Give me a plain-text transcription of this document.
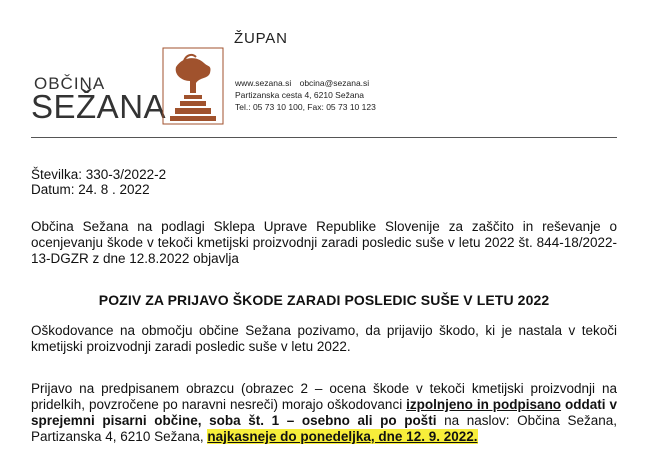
ŽUPAN
OBČINA
SEŽANA
www.sezana.si obcina@sezana.si
Partizanska cesta 4, 6210 Sežana
Tel.: 05 73 10 100, Fax: 05 73 10 123
Številka: 330-3/2022-2
Datum: 24. 8 . 2022
Občina Sežana na podlagi Sklepa Uprave Republike Slovenije za zaščito in reševanje o ocenjevanju škode v tekoči kmetijski proizvodnji zaradi posledic suše v letu 2022 št. 844-18/2022-13-DGZR z dne 12.8.2022 objavlja
POZIV ZA PRIJAVO ŠKODE ZARADI POSLEDIC SUŠE V LETU 2022
Oškodovance na območju občine Sežana pozivamo, da prijavijo škodo, ki je nastala v tekoči kmetijski proizvodnji zaradi posledic suše v letu 2022.
Prijavo na predpisanem obrazcu (obrazec 2 – ocena škode v tekoči kmetijski proizvodnji na pridelkih, povzročene po naravni nesreči) morajo oškodovanci izpolnjeno in podpisano oddati v sprejemni pisarni občine, soba št. 1 – osebno ali po pošti na naslov: Občina Sežana, Partizanska 4, 6210 Sežana, najkasneje do ponedeljka, dne 12. 9. 2022.
